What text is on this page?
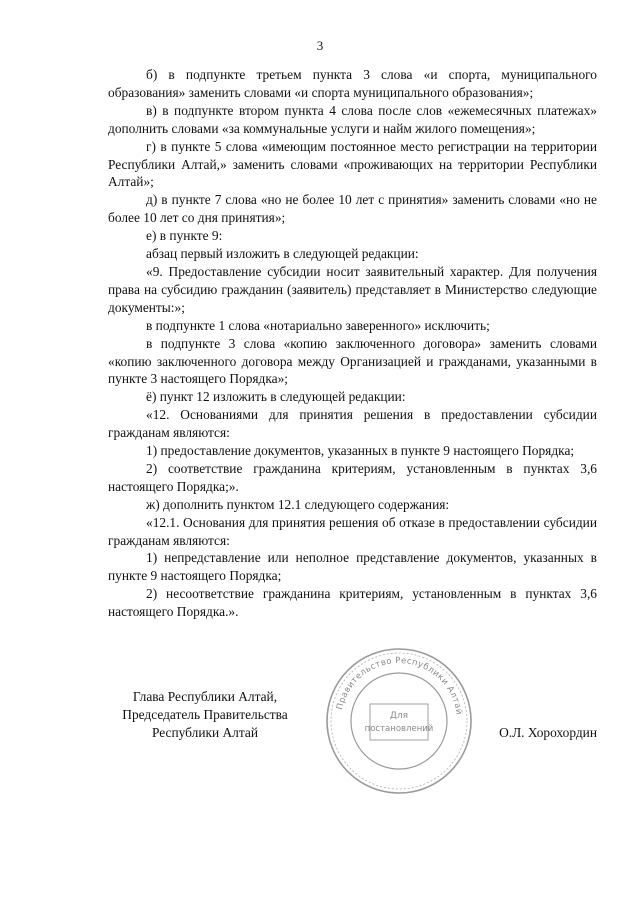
3

б) в подпункте третьем пункта 3 слова «и спорта, муниципального образования» заменить словами «и спорта муниципального образования»;

в) в подпункте втором пункта 4 слова после слов «ежемесячных платежах» дополнить словами «за коммунальные услуги и найм жилого помещения»;

г) в пункте 5 слова «имеющим постоянное место регистрации на территории Республики Алтай,» заменить словами «проживающих на территории Республики Алтай»;

д) в пункте 7 слова «но не более 10 лет с принятия» заменить словами «но не более 10 лет со дня принятия»;

е) в пункте 9:

абзац первый изложить в следующей редакции:

«9. Предоставление субсидии носит заявительный характер. Для получения права на субсидию гражданин (заявитель) представляет в Министерство следующие документы:»;

в подпункте 1 слова «нотариально заверенного» исключить;

в подпункте 3 слова «копию заключенного договора» заменить словами «копию заключенного договора между Организацией и гражданами, указанными в пункте 3 настоящего Порядка»;

ё) пункт 12 изложить в следующей редакции:

«12. Основаниями для принятия решения в предоставлении субсидии гражданам являются:

1) предоставление документов, указанных в пункте 9 настоящего Порядка;

2) соответствие гражданина критериям, установленным в пунктах 3,6 настоящего Порядка;».

ж) дополнить пунктом 12.1 следующего содержания:

«12.1. Основания для принятия решения об отказе в предоставлении субсидии гражданам являются:

1) непредставление или неполное представление документов, указанных в пункте 9 настоящего Порядка;

2) несоответствие гражданина критериям, установленным в пунктах 3,6 настоящего Порядка.».

Правительство Республики Алтай
Для
постановлений
Глава Республики Алтай,
Председатель Правительства
Республики Алтай	О.Л. Хорохордин
